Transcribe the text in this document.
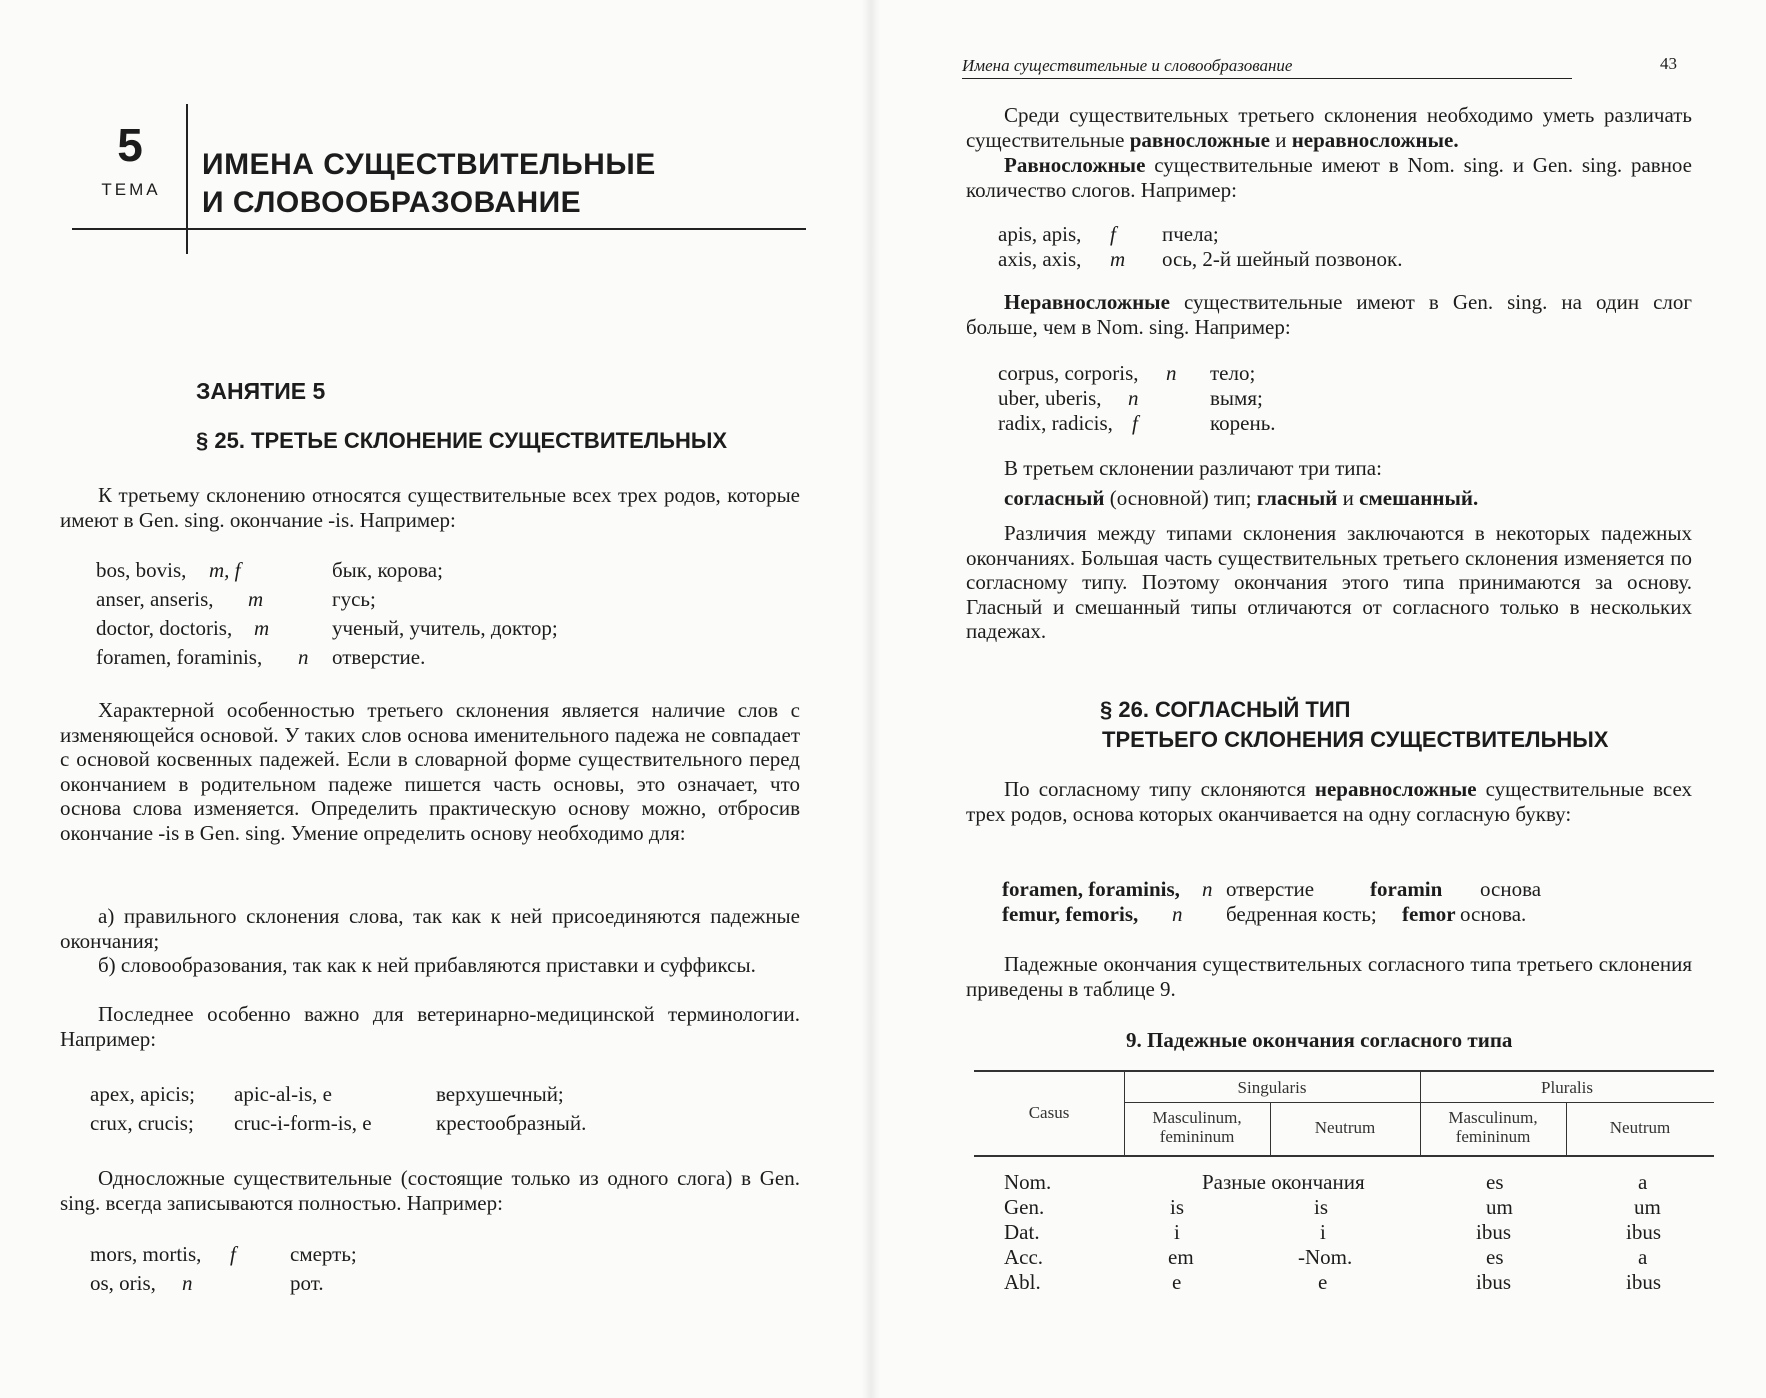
5
ТЕМА
ИМЕНА СУЩЕСТВИТЕЛЬНЫЕ
И СЛОВООБРАЗОВАНИЕ
ЗАНЯТИЕ 5
§ 25. ТРЕТЬЕ СКЛОНЕНИЕ СУЩЕСТВИТЕЛЬНЫХ
К третьему склонению относятся существительные всех трех родов, которые имеют в Gen. sing. окончание -is. Например:
bos, bovis, m, f	бык, корова;
anser, anseris, m	гусь;
doctor, doctoris, m	ученый, учитель, доктор;
foramen, foraminis, n отверстие.
Характерной особенностью третьего склонения является наличие слов с изменяющейся основой. У таких слов основа именительного падежа не совпадает с основой косвенных падежей. Если в словарной форме существительного перед окончанием в родительном падеже пишется часть основы, это означает, что основа слова изменяется. Определить практическую основу можно, отбросив окончание -is в Gen. sing. Умение определить основу необходимо для:
а) правильного склонения слова, так как к ней присоединяются падежные окончания;
б) словообразования, так как к ней прибавляются приставки и суффиксы.
Последнее особенно важно для ветеринарно-медицинской терминологии. Например:
apex, apicis; apic-al-is, e	верхушечный;
crux, crucis; cruc-i-form-is, e	крестообразный.
Односложные существительные (состоящие только из одного слога) в Gen. sing. всегда записываются полностью. Например:
mors, mortis, f	смерть;
os, oris, n	рот.
Имена существительные и словообразование	43
Среди существительных третьего склонения необходимо уметь различать существительные равносложные и неравносложные.
Равносложные существительные имеют в Nom. sing. и Gen. sing. равное количество слогов. Например:
apis, apis, f пчела;
axis, axis, m ось, 2-й шейный позвонок.
Неравносложные существительные имеют в Gen. sing. на один слог больше, чем в Nom. sing. Например:
corpus, corporis, n тело;
uber, uberis, n	вымя;
radix, radicis, f	корень.
В третьем склонении различают три типа:
согласный (основной) тип; гласный и смешанный.
Различия между типами склонения заключаются в некоторых падежных окончаниях. Большая часть существительных третьего склонения изменяется по согласному типу. Поэтому окончания этого типа принимаются за основу. Гласный и смешанный типы отличаются от согласного только в нескольких падежах.
§ 26. СОГЛАСНЫЙ ТИП
ТРЕТЬЕГО СКЛОНЕНИЯ СУЩЕСТВИТЕЛЬНЫХ
По согласному типу склоняются неравносложные существительные всех трех родов, основа которых оканчивается на одну согласную букву:
foramen, foraminis, n отверстие	foramin основа
femur, femoris, n бедренная кость; femor основа.
Падежные окончания существительных согласного типа третьего склонения приведены в таблице 9.
9. Падежные окончания согласного типа
Casus
Singularis	Pluralis
Masculinum, femininum	Neutrum
Masculinum, femininum	Neutrum
Nom.	Разные окончания	es	a
Gen.	is	is	um	um
Dat.	i	i	ibus	ibus
Acc.	em	-Nom.	es	a
Abl.	e	e	ibus	ibus
